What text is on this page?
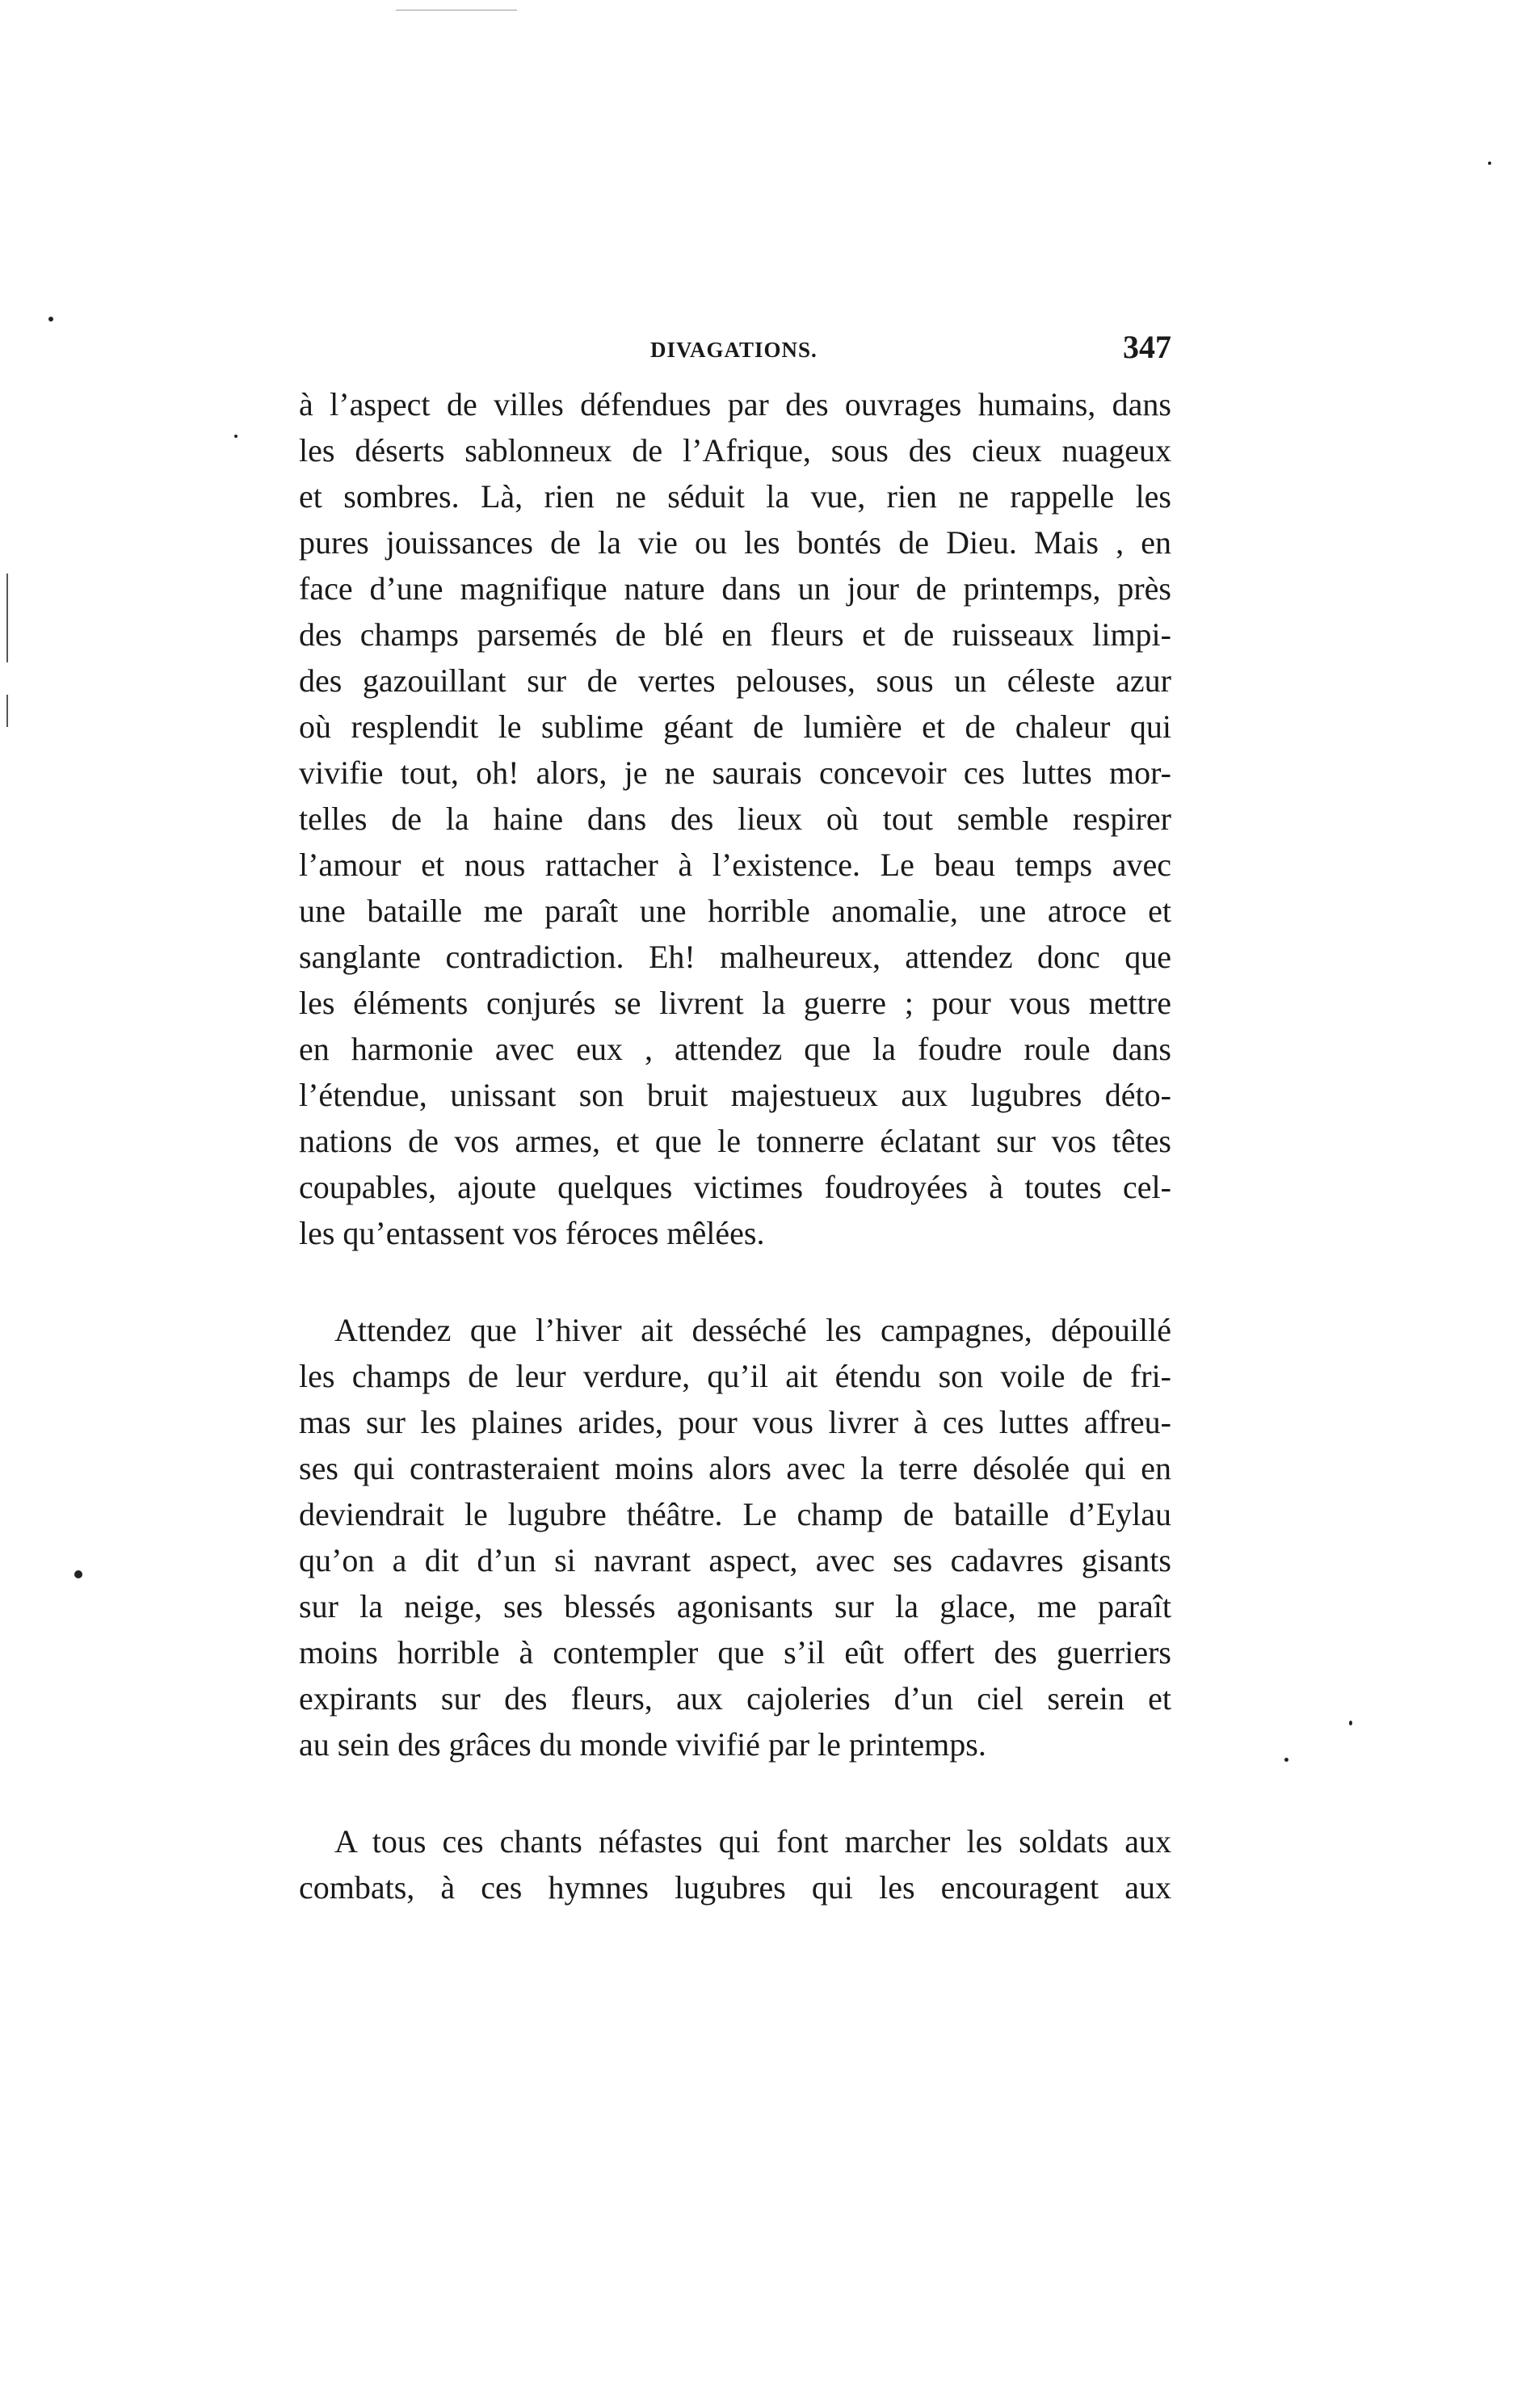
DIVAGATIONS.	347
à l’aspect de villes défendues par des ouvrages humains, dans
les déserts sablonneux de l’Afrique, sous des cieux nuageux
et sombres. Là, rien ne séduit la vue, rien ne rappelle les
pures jouissances de la vie ou les bontés de Dieu. Mais , en
face d’une magnifique nature dans un jour de printemps, près
des champs parsemés de blé en fleurs et de ruisseaux limpi-
des gazouillant sur de vertes pelouses, sous un céleste azur
où resplendit le sublime géant de lumière et de chaleur qui
vivifie tout, oh! alors, je ne saurais concevoir ces luttes mor-
telles de la haine dans des lieux où tout semble respirer
l’amour et nous rattacher à l’existence. Le beau temps avec
une bataille me paraît une horrible anomalie, une atroce et
sanglante contradiction. Eh! malheureux, attendez donc que
les éléments conjurés se livrent la guerre ; pour vous mettre
en harmonie avec eux , attendez que la foudre roule dans
l’étendue, unissant son bruit majestueux aux lugubres déto-
nations de vos armes, et que le tonnerre éclatant sur vos têtes
coupables, ajoute quelques victimes foudroyées à toutes cel-
les qu’entassent vos féroces mêlées.
Attendez que l’hiver ait desséché les campagnes, dépouillé
les champs de leur verdure, qu’il ait étendu son voile de fri-
mas sur les plaines arides, pour vous livrer à ces luttes affreu-
ses qui contrasteraient moins alors avec la terre désolée qui en
deviendrait le lugubre théâtre. Le champ de bataille d’Eylau
qu’on a dit d’un si navrant aspect, avec ses cadavres gisants
sur la neige, ses blessés agonisants sur la glace, me paraît
moins horrible à contempler que s’il eût offert des guerriers
expirants sur des fleurs, aux cajoleries d’un ciel serein et
au sein des grâces du monde vivifié par le printemps.
A tous ces chants néfastes qui font marcher les soldats aux
combats, à ces hymnes lugubres qui les encouragent aux
